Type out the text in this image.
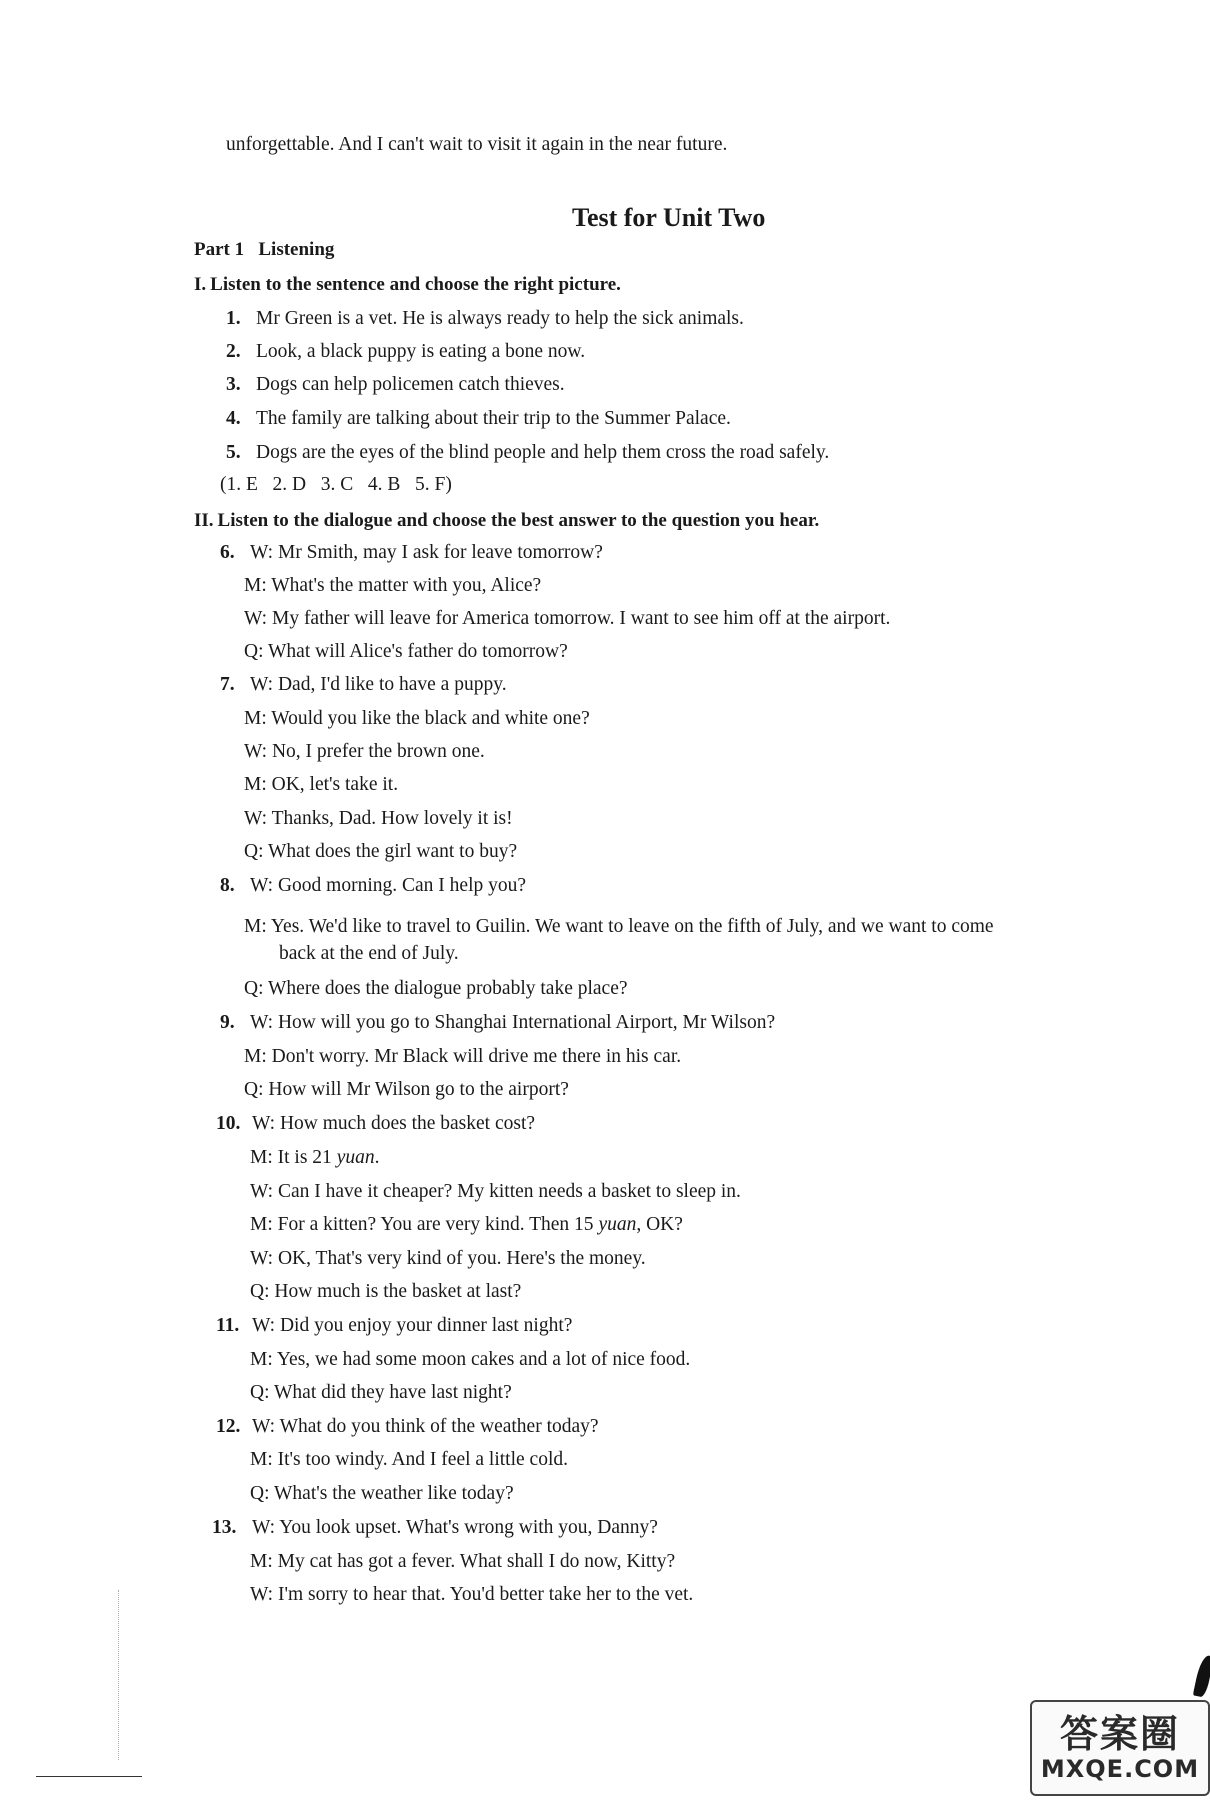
unforgettable. And I can't wait to visit it again in the near future.
Test for Unit Two
Part 1   Listening
I. Listen to the sentence and choose the right picture.
1. Mr Green is a vet. He is always ready to help the sick animals.
2. Look, a black puppy is eating a bone now.
3. Dogs can help policemen catch thieves.
4. The family are talking about their trip to the Summer Palace.
5. Dogs are the eyes of the blind people and help them cross the road safely.
(1. E   2. D   3. C   4. B   5. F)
II. Listen to the dialogue and choose the best answer to the question you hear.
6. W: Mr Smith, may I ask for leave tomorrow?
M: What's the matter with you, Alice?
W: My father will leave for America tomorrow. I want to see him off at the airport.
Q: What will Alice's father do tomorrow?
7. W: Dad, I'd like to have a puppy.
M: Would you like the black and white one?
W: No, I prefer the brown one.
M: OK, let's take it.
W: Thanks, Dad. How lovely it is!
Q: What does the girl want to buy?
8. W: Good morning. Can I help you?
M: Yes. We'd like to travel to Guilin. We want to leave on the fifth of July, and we want to come
back at the end of July.
Q: Where does the dialogue probably take place?
9. W: How will you go to Shanghai International Airport, Mr Wilson?
M: Don't worry. Mr Black will drive me there in his car.
Q: How will Mr Wilson go to the airport?
10. W: How much does the basket cost?
M: It is 21 yuan.
W: Can I have it cheaper? My kitten needs a basket to sleep in.
M: For a kitten? You are very kind. Then 15 yuan, OK?
W: OK, That's very kind of you. Here's the money.
Q: How much is the basket at last?
11. W: Did you enjoy your dinner last night?
M: Yes, we had some moon cakes and a lot of nice food.
Q: What did they have last night?
12. W: What do you think of the weather today?
M: It's too windy. And I feel a little cold.
Q: What's the weather like today?
13. W: You look upset. What's wrong with you, Danny?
M: My cat has got a fever. What shall I do now, Kitty?
W: I'm sorry to hear that. You'd better take her to the vet.
答案圈
MXQE.COM
